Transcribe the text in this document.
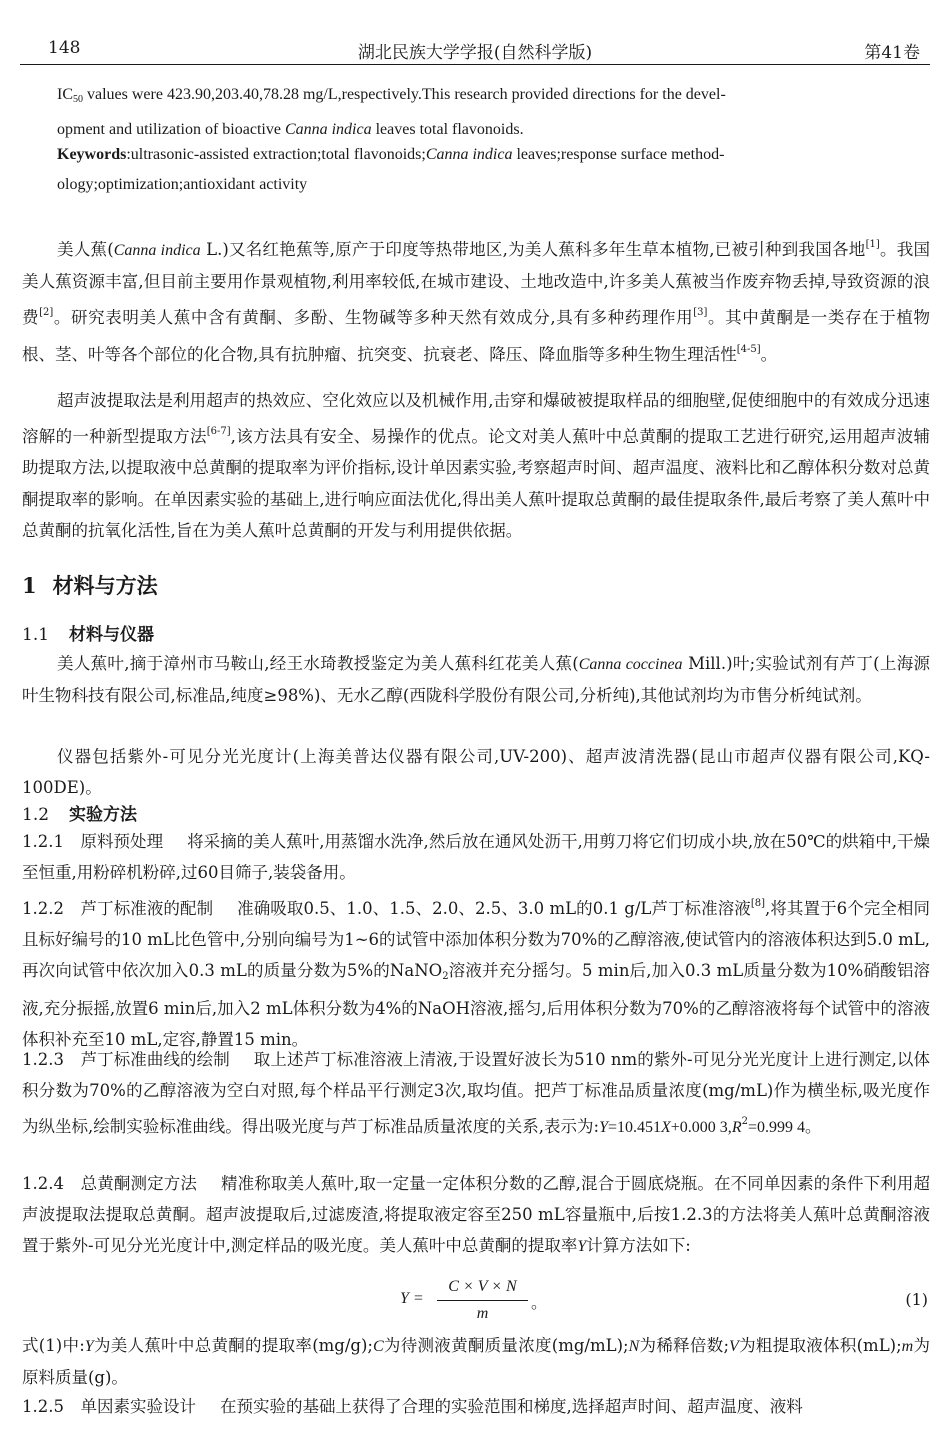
148	湖北民族大学学报(自然科学版)	第41卷

$IC_{50}$ values were 423.90,203.40,78.28 mg/L,respectively.This research provided directions for the devel-
opment and utilization of bioactive Canna indica leaves total flavonoids.

Keywords:ultrasonic-assisted extraction;total flavonoids;Canna indica leaves;response surface method-
ology;optimization;antioxidant activity

美人蕉(Canna indica L.)又名红艳蕉等,原产于印度等热带地区,为美人蕉科多年生草本植物,已被引种到我国各地[1]。我国美人蕉资源丰富,但目前主要用作景观植物,利用率较低,在城市建设、土地改造中,许多美人蕉被当作废弃物丢掉,导致资源的浪费[2]。研究表明美人蕉中含有黄酮、多酚、生物碱等多种天然有效成分,具有多种药理作用[3]。其中黄酮是一类存在于植物根、茎、叶等各个部位的化合物,具有抗肿瘤、抗突变、抗衰老、降压、降血脂等多种生物生理活性[4-5]。

超声波提取法是利用超声的热效应、空化效应以及机械作用,击穿和爆破被提取样品的细胞壁,促使细胞中的有效成分迅速溶解的一种新型提取方法[6-7],该方法具有安全、易操作的优点。论文对美人蕉叶中总黄酮的提取工艺进行研究,运用超声波辅助提取方法,以提取液中总黄酮的提取率为评价指标,设计单因素实验,考察超声时间、超声温度、液料比和乙醇体积分数对总黄酮提取率的影响。在单因素实验的基础上,进行响应面法优化,得出美人蕉叶提取总黄酮的最佳提取条件,最后考察了美人蕉叶中总黄酮的抗氧化活性,旨在为美人蕉叶总黄酮的开发与利用提供依据。

1 材料与方法
1.1 材料与仪器

美人蕉叶,摘于漳州市马鞍山,经王水琦教授鉴定为美人蕉科红花美人蕉(Canna coccinea Mill.)叶;实验试剂有芦丁(上海源叶生物科技有限公司,标准品,纯度≥98%)、无水乙醇(西陇科学股份有限公司,分析纯),其他试剂均为市售分析纯试剂。

仪器包括紫外-可见分光光度计(上海美普达仪器有限公司,UV-200)、超声波清洗器(昆山市超声仪器有限公司,KQ-100DE)。

1.2 实验方法

1.2.1  原料预处理 将采摘的美人蕉叶,用蒸馏水洗净,然后放在通风处沥干,用剪刀将它们切成小块,放在50℃的烘箱中,干燥至恒重,用粉碎机粉碎,过60目筛子,装袋备用。

1.2.2  芦丁标准液的配制 准确吸取0.5、1.0、1.5、2.0、2.5、3.0 mL的0.1 g/L芦丁标准溶液[8],将其置于6个完全相同且标好编号的10 mL比色管中,分别向编号为1~6的试管中添加体积分数为70%的乙醇溶液,使试管内的溶液体积达到5.0 mL,再次向试管中依次加入0.3 mL的质量分数为5%的NaNO$_2$溶液并充分摇匀。5 min后,加入0.3 mL质量分数为10%硝酸铝溶液,充分振摇,放置6 min后,加入2 mL体积分数为4%的NaOH溶液,摇匀,后用体积分数为70%的乙醇溶液将每个试管中的溶液体积补充至10 mL,定容,静置15 min。

1.2.3  芦丁标准曲线的绘制 取上述芦丁标准溶液上清液,于设置好波长为510 nm的紫外-可见分光光度计上进行测定,以体积分数为70%的乙醇溶液为空白对照,每个样品平行测定3次,取均值。把芦丁标准品质量浓度(mg/mL)作为横坐标,吸光度作为纵坐标,绘制实验标准曲线。得出吸光度与芦丁标准品质量浓度的关系,表示为:Y=10.451X+0.000 $3,R^2=0.999$ 4。

1.2.4  总黄酮测定方法 精准称取美人蕉叶,取一定量一定体积分数的乙醇,混合于圆底烧瓶。在不同单因素的条件下利用超声波提取法提取总黄酮。超声波提取后,过滤废渣,将提取液定容至250 mL容量瓶中,后按1.2.3的方法将美人蕉叶总黄酮溶液置于紫外-可见分光光度计中,测定样品的吸光度。美人蕉叶中总黄酮的提取率Y计算方法如下:

Y =
C × V × N
m
。	(1)

式(1)中:Y为美人蕉叶中总黄酮的提取率(mg/g);C为待测液黄酮质量浓度(mg/mL);N为稀释倍数;V为粗提取液体积(mL);m为原料质量(g)。

1.2.5  单因素实验设计 在预实验的基础上获得了合理的实验范围和梯度,选择超声时间、超声温度、液料
